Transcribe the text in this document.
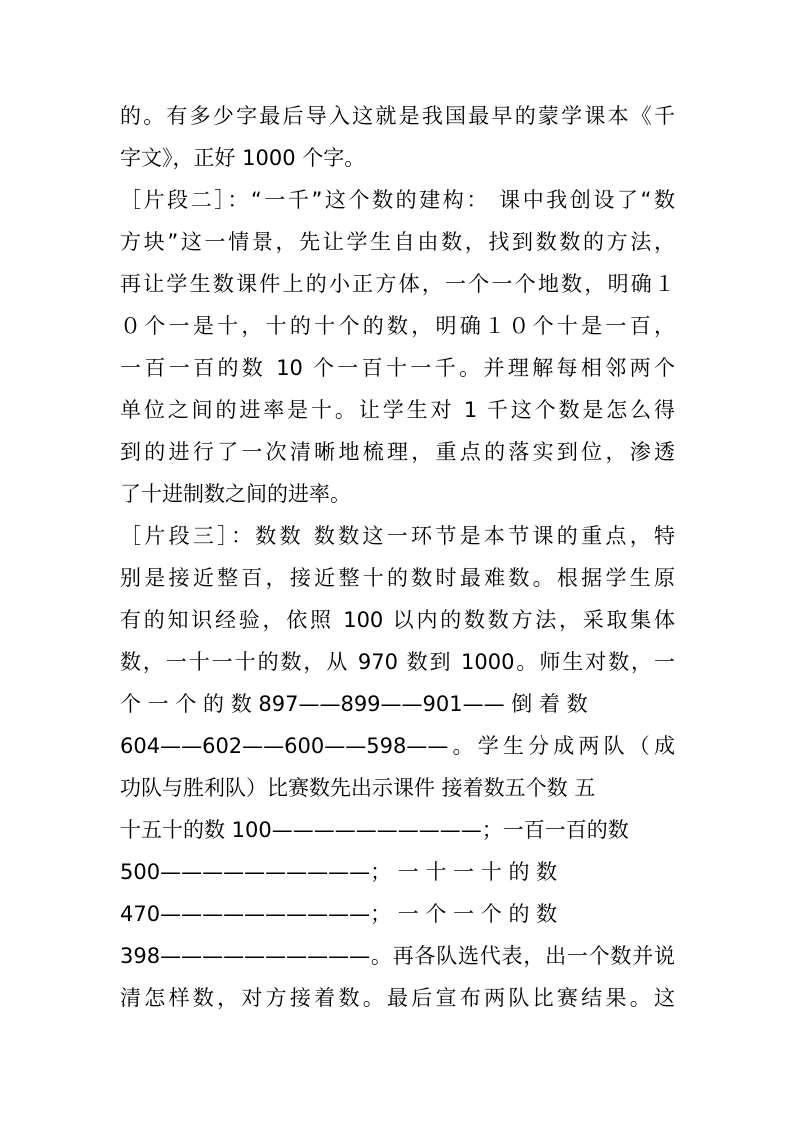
的。有多少字最后导入这就是我国最早的蒙学课本《千
字文》，正好 1000 个字。
［片段二］：“一千”这个数的建构： 课中我创设了“数
方块”这一情景，先让学生自由数，找到数数的方法，
再让学生数课件上的小正方体，一个一个地数，明确１
０个一是十，十的十个的数，明确１０个十是一百，
一百一百的数 10 个一百十一千。并理解每相邻两个
单位之间的进率是十。让学生对 1 千这个数是怎么得
到的进行了一次清晰地梳理，重点的落实到位，渗透
了十进制数之间的进率。
［片段三］：数数 数数这一环节是本节课的重点，特
别是接近整百，接近整十的数时最难数。根据学生原
有的知识经验，依照 100 以内的数数方法，采取集体
数，一十一十的数，从 970 数到 1000。师生对数，一
个 一 个 的 数 897——899——901—— 倒 着 数
604——602——600——598——。学生分成两队（成
功队与胜利队）比赛数先出示课件 接着数五个数 五
十五十的数 100——————————；一百一百的数
500——————————； 一 十 一 十 的 数
470——————————； 一 个 一 个 的 数
398——————————。再各队选代表，出一个数并说
清怎样数，对方接着数。最后宣布两队比赛结果。这
